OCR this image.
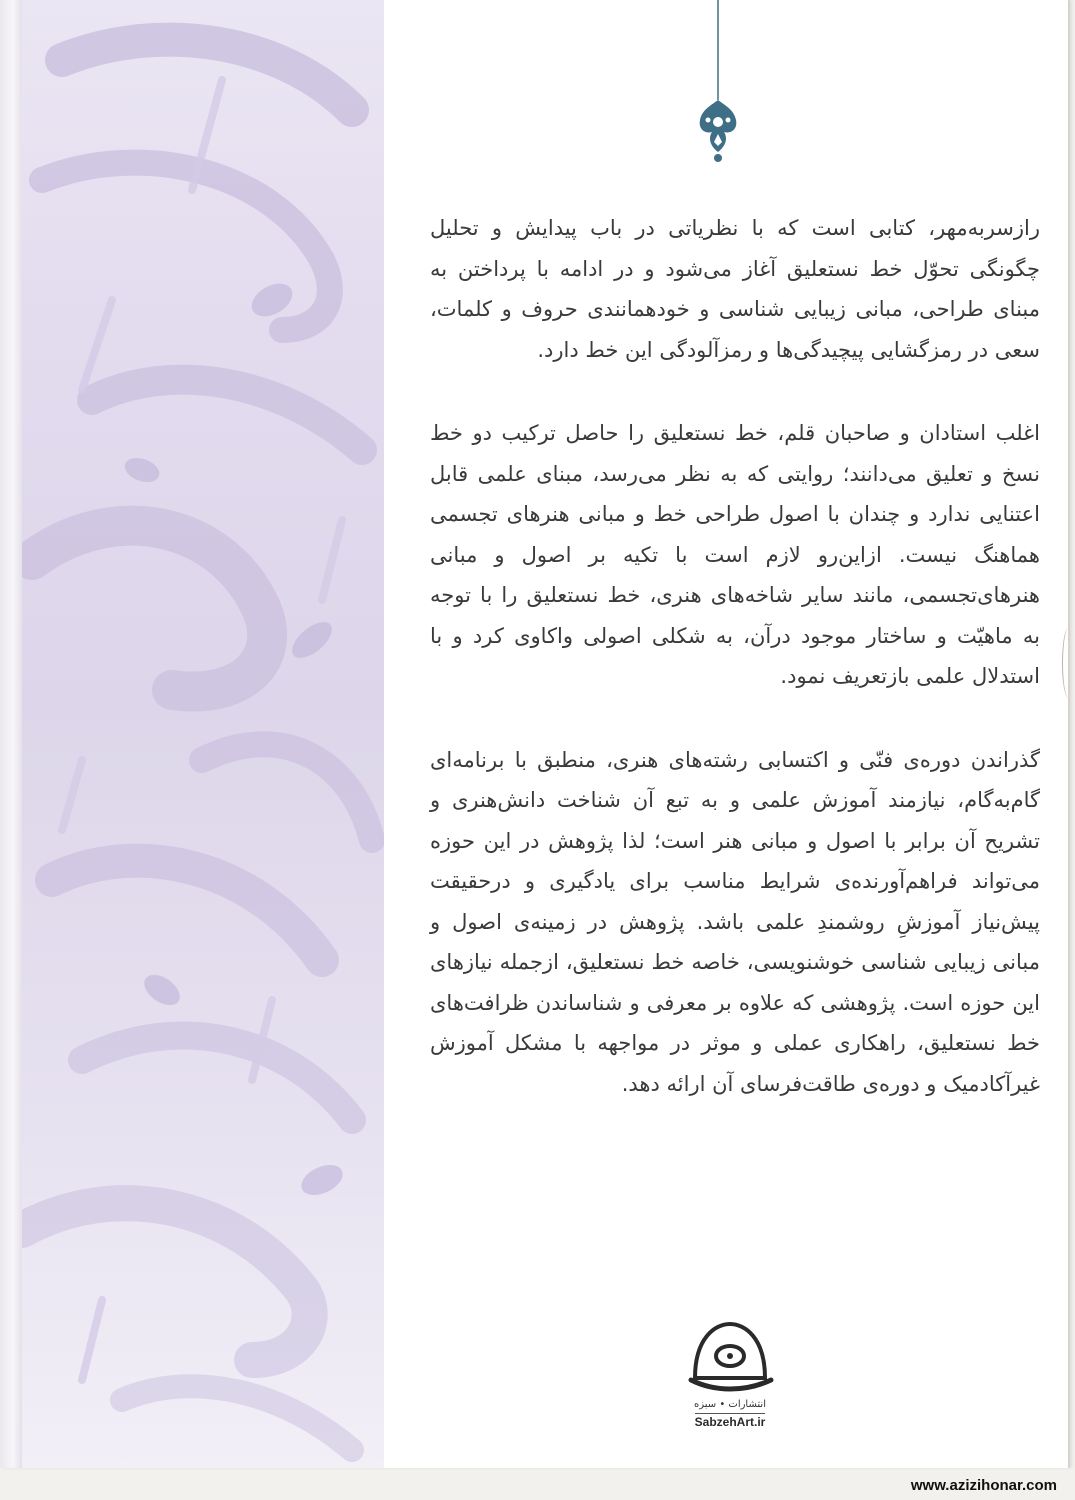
رازسربه‌مهر، کتابی است که با نظریاتی در باب پیدایش و تحلیل چگونگی تحوّل خط نستعلیق آغاز می‌شود و در ادامه با پرداختن به مبنای طراحی، مبانی زیبایی شناسی و خودهمانندی حروف و کلمات، سعی در رمزگشایی پیچیدگی‌ها و رمزآلودگی این خط دارد.

اغلب استادان و صاحبان قلم، خط نستعلیق را حاصل ترکیب دو خط نسخ و تعلیق می‌دانند؛ روایتی که به نظر می‌رسد، مبنای علمی قابل اعتنایی ندارد و چندان با اصول طراحی خط و مبانی هنرهای تجسمی هماهنگ نیست. ازاین‌رو لازم است با تکیه بر اصول و مبانی هنرهای‌تجسمی، مانند سایر شاخه‌های هنری، خط نستعلیق را با توجه به ماهیّت و ساختار موجود درآن، به شکلی اصولی واکاوی کرد و با استدلال علمی بازتعریف نمود.

گذراندن دوره‌ی فنّی و اکتسابی رشته‌های هنری، منطبق با برنامه‌ای گام‌به‌گام، نیازمند آموزش علمی و به تبع آن شناخت دانش‌هنری و تشریح آن برابر با اصول و مبانی هنر است؛ لذا پژوهش در این حوزه می‌تواند فراهم‌آورنده‌ی شرایط مناسب برای یادگیری و درحقیقت پیش‌نیاز آموزشِ روشمندِ علمی باشد. پژوهش در زمینه‌ی اصول و مبانی زیبایی شناسی خوشنویسی، خاصه خط نستعلیق، ازجمله نیازهای این حوزه است. پژوهشی که علاوه بر معرفی و شناساندن ظرافت‌های خط نستعلیق، راهکاری عملی و موثر در مواجهه با مشکل آموزش غیرآکادمیک و دوره‌ی طاقت‌فرسای آن ارائه دهد.

انتشارات • سبزه
SabzehArt.ir
www.azizihonar.com
